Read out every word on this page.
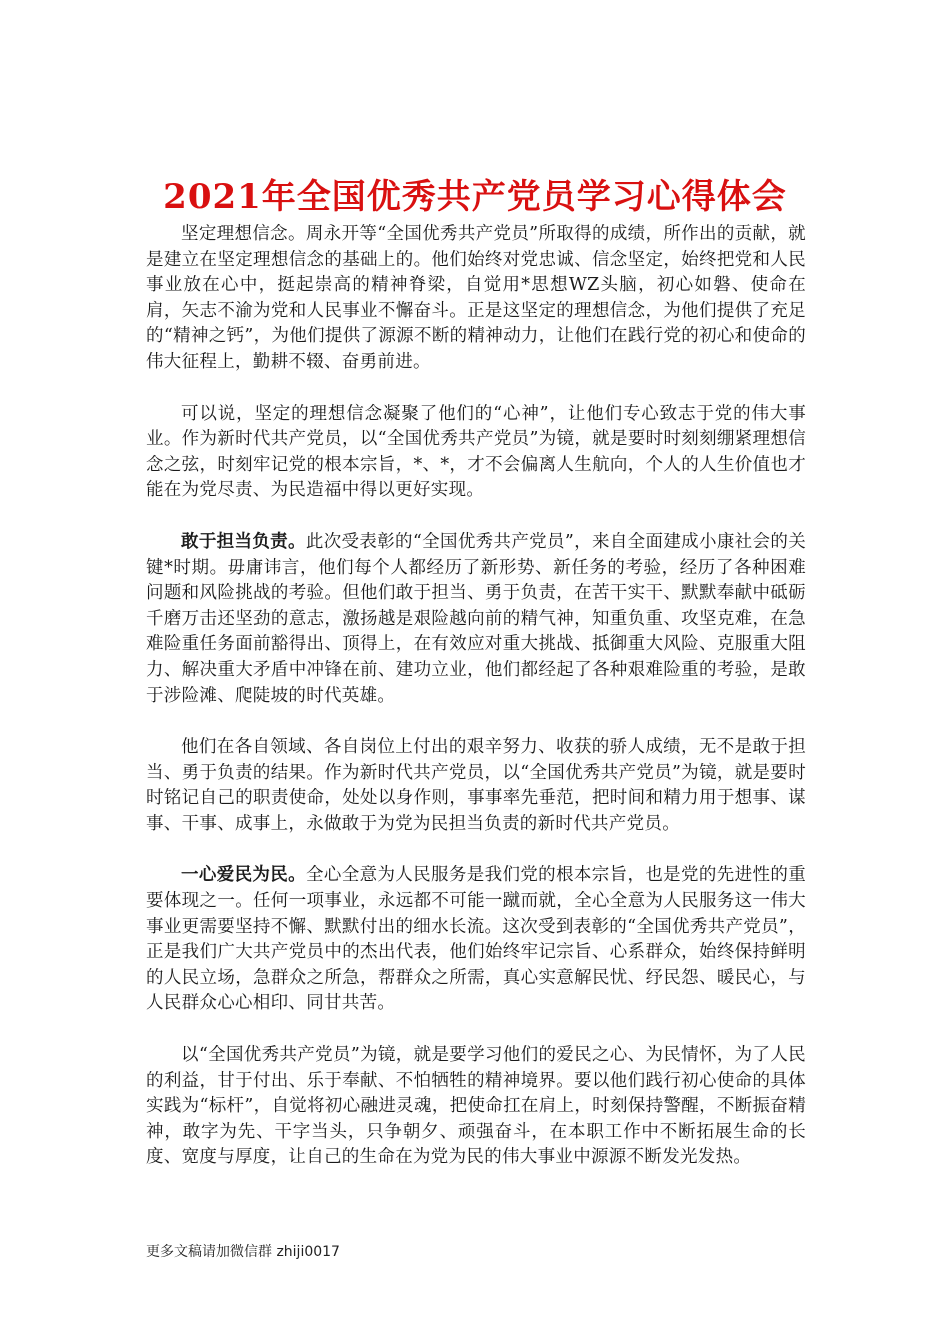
2021年全国优秀共产党员学习心得体会

坚定理想信念。周永开等“全国优秀共产党员”所取得的成绩，所作出的贡献，就是建立在坚定理想信念的基础上的。他们始终对党忠诚、信念坚定，始终把党和人民事业放在心中，挺起崇高的精神脊梁，自觉用*思想WZ头脑，初心如磐、使命在肩，矢志不渝为党和人民事业不懈奋斗。正是这坚定的理想信念，为他们提供了充足的“精神之钙”，为他们提供了源源不断的精神动力，让他们在践行党的初心和使命的伟大征程上，勤耕不辍、奋勇前进。

可以说，坚定的理想信念凝聚了他们的“心神”，让他们专心致志于党的伟大事业。作为新时代共产党员，以“全国优秀共产党员”为镜，就是要时时刻刻绷紧理想信念之弦，时刻牢记党的根本宗旨，*、*，才不会偏离人生航向，个人的人生价值也才能在为党尽责、为民造福中得以更好实现。

敢于担当负责。此次受表彰的“全国优秀共产党员”，来自全面建成小康社会的关键*时期。毋庸讳言，他们每个人都经历了新形势、新任务的考验，经历了各种困难问题和风险挑战的考验。但他们敢于担当、勇于负责，在苦干实干、默默奉献中砥砺千磨万击还坚劲的意志，激扬越是艰险越向前的精气神，知重负重、攻坚克难，在急难险重任务面前豁得出、顶得上，在有效应对重大挑战、抵御重大风险、克服重大阻力、解决重大矛盾中冲锋在前、建功立业，他们都经起了各种艰难险重的考验，是敢于涉险滩、爬陡坡的时代英雄。

他们在各自领域、各自岗位上付出的艰辛努力、收获的骄人成绩，无不是敢于担当、勇于负责的结果。作为新时代共产党员，以“全国优秀共产党员”为镜，就是要时时铭记自己的职责使命，处处以身作则，事事率先垂范，把时间和精力用于想事、谋事、干事、成事上，永做敢于为党为民担当负责的新时代共产党员。

一心爱民为民。全心全意为人民服务是我们党的根本宗旨，也是党的先进性的重要体现之一。任何一项事业，永远都不可能一蹴而就，全心全意为人民服务这一伟大事业更需要坚持不懈、默默付出的细水长流。这次受到表彰的“全国优秀共产党员”，正是我们广大共产党员中的杰出代表，他们始终牢记宗旨、心系群众，始终保持鲜明的人民立场，急群众之所急，帮群众之所需，真心实意解民忧、纾民怨、暖民心，与人民群众心心相印、同甘共苦。

以“全国优秀共产党员”为镜，就是要学习他们的爱民之心、为民情怀，为了人民的利益，甘于付出、乐于奉献、不怕牺牲的精神境界。要以他们践行初心使命的具体实践为“标杆”，自觉将初心融进灵魂，把使命扛在肩上，时刻保持警醒，不断振奋精神，敢字为先、干字当头，只争朝夕、顽强奋斗，在本职工作中不断拓展生命的长度、宽度与厚度，让自己的生命在为党为民的伟大事业中源源不断发光发热。

更多文稿请加微信群 zhiji0017
